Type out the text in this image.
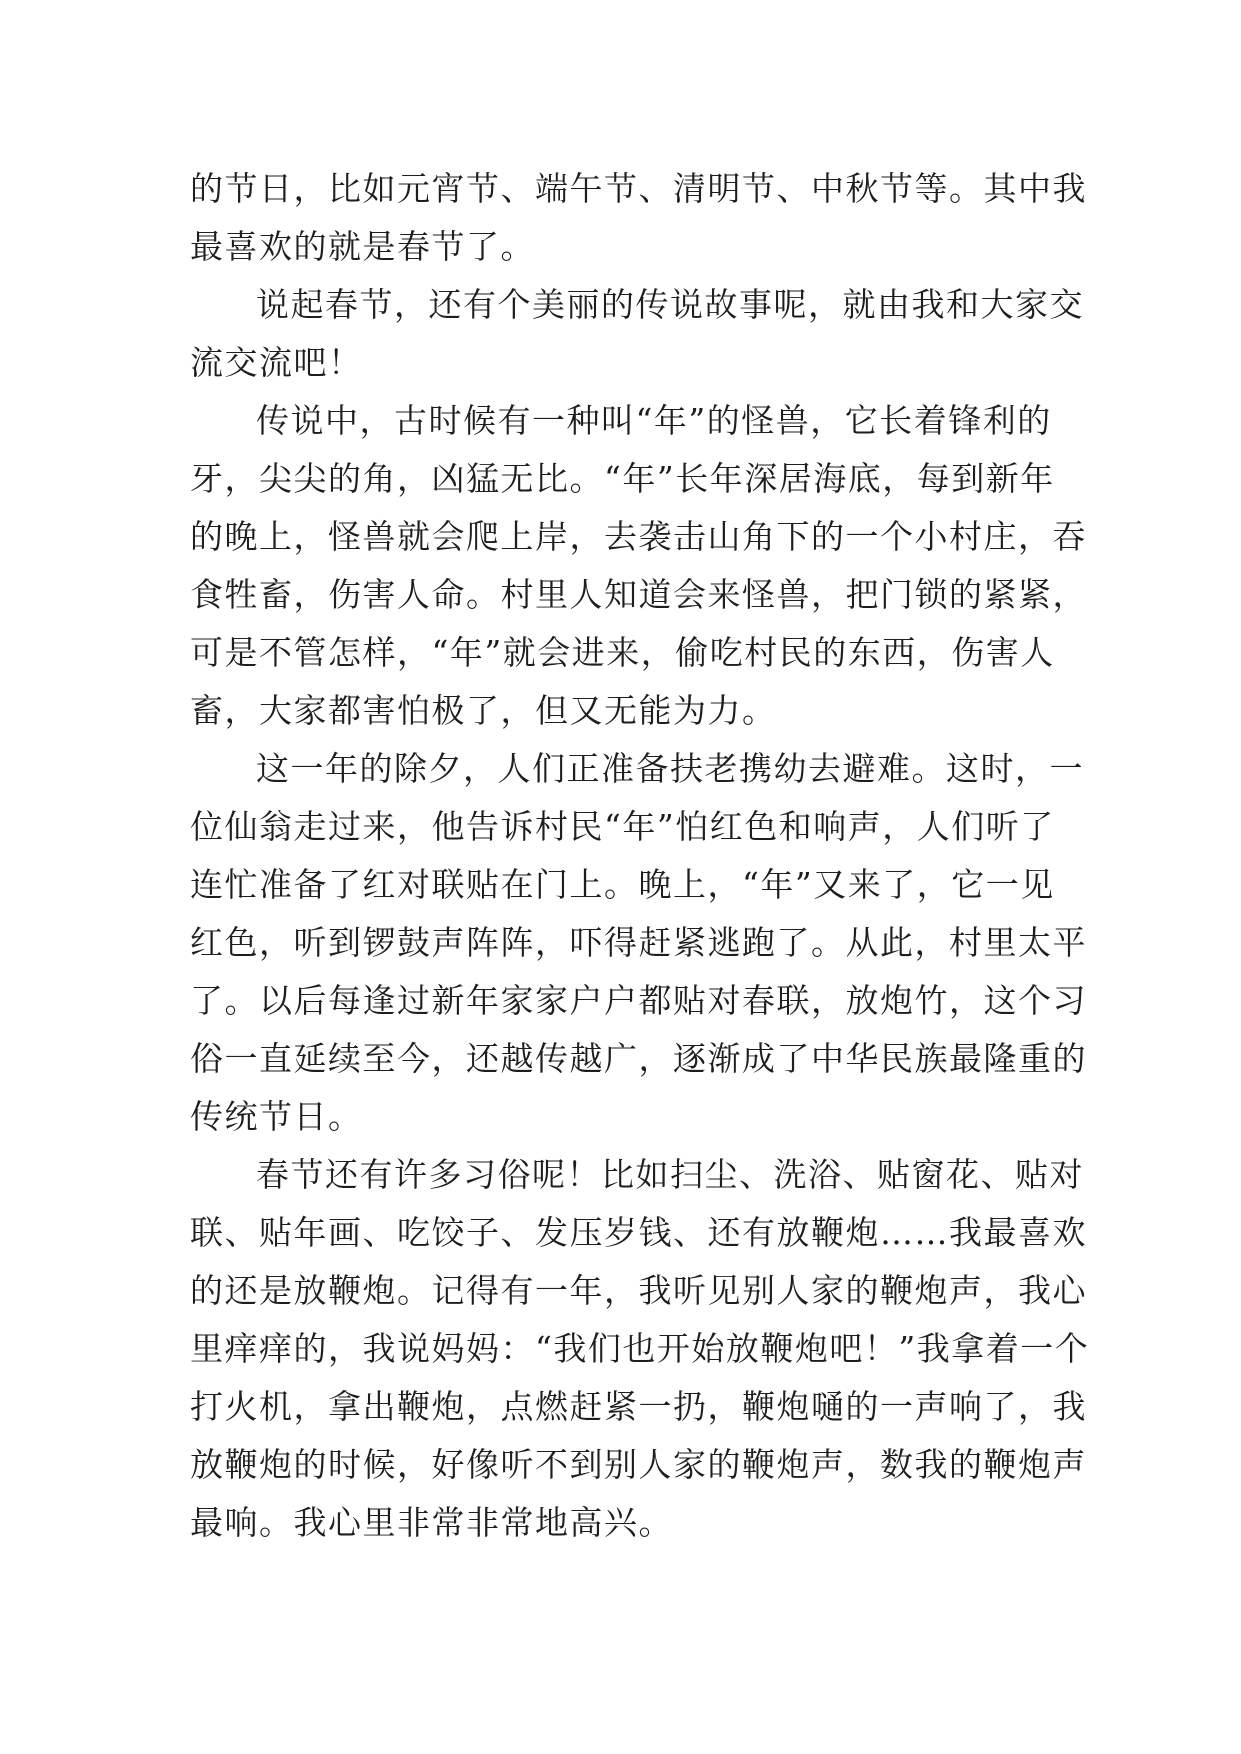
的节日，比如元宵节、端午节、清明节、中秋节等。其中我
最喜欢的就是春节了。
说起春节，还有个美丽的传说故事呢，就由我和大家交
流交流吧！
传说中，古时候有一种叫“年”的怪兽，它长着锋利的
牙，尖尖的角，凶猛无比。“年”长年深居海底，每到新年
的晚上，怪兽就会爬上岸，去袭击山角下的一个小村庄，吞
食牲畜，伤害人命。村里人知道会来怪兽，把门锁的紧紧，
可是不管怎样，“年”就会进来，偷吃村民的东西，伤害人
畜，大家都害怕极了，但又无能为力。
这一年的除夕，人们正准备扶老携幼去避难。这时，一
位仙翁走过来，他告诉村民“年”怕红色和响声，人们听了
连忙准备了红对联贴在门上。晚上，“年”又来了，它一见
红色，听到锣鼓声阵阵，吓得赶紧逃跑了。从此，村里太平
了。以后每逢过新年家家户户都贴对春联，放炮竹，这个习
俗一直延续至今，还越传越广，逐渐成了中华民族最隆重的
传统节日。
春节还有许多习俗呢！比如扫尘、洗浴、贴窗花、贴对
联、贴年画、吃饺子、发压岁钱、还有放鞭炮……我最喜欢
的还是放鞭炮。记得有一年，我听见别人家的鞭炮声，我心
里痒痒的，我说妈妈：“我们也开始放鞭炮吧！”我拿着一个
打火机，拿出鞭炮，点燃赶紧一扔，鞭炮嗵的一声响了，我
放鞭炮的时候，好像听不到别人家的鞭炮声，数我的鞭炮声
最响。我心里非常非常地高兴。
